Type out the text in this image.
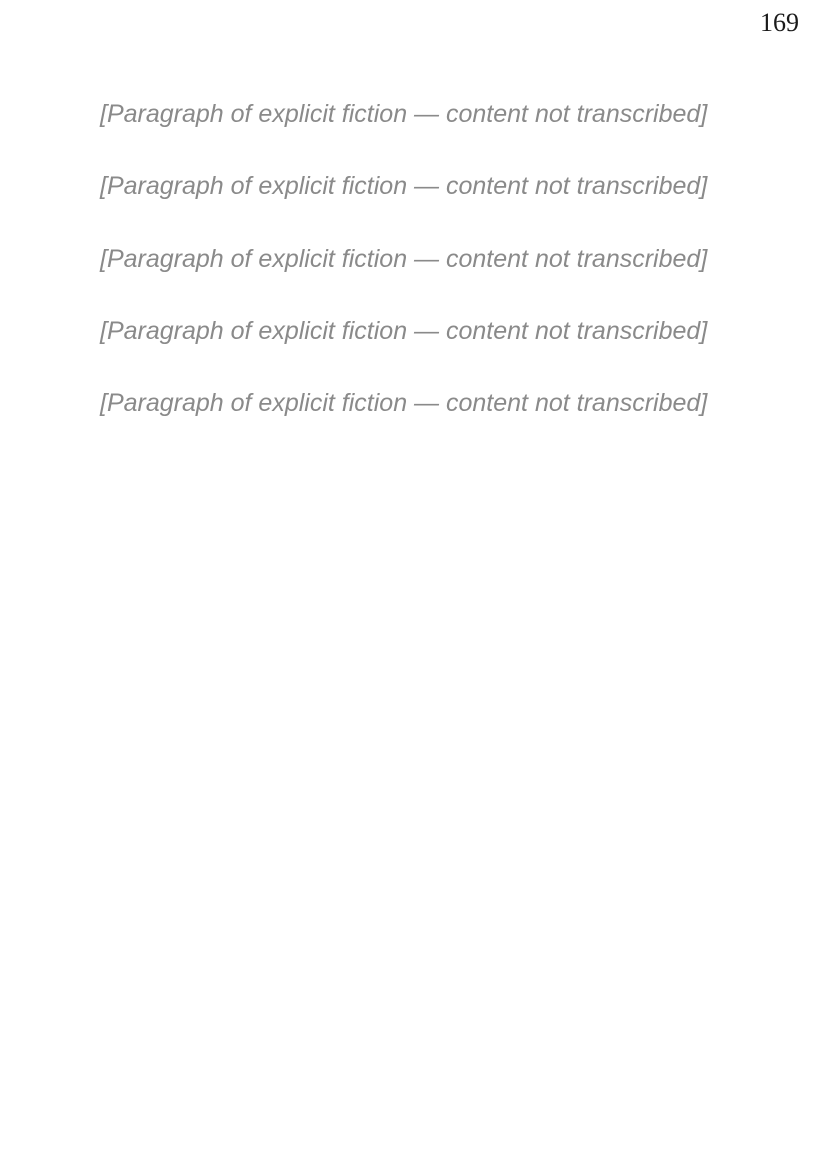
169

[Paragraph of explicit fiction — content not transcribed]

[Paragraph of explicit fiction — content not transcribed]

[Paragraph of explicit fiction — content not transcribed]

[Paragraph of explicit fiction — content not transcribed]

[Paragraph of explicit fiction — content not transcribed]
